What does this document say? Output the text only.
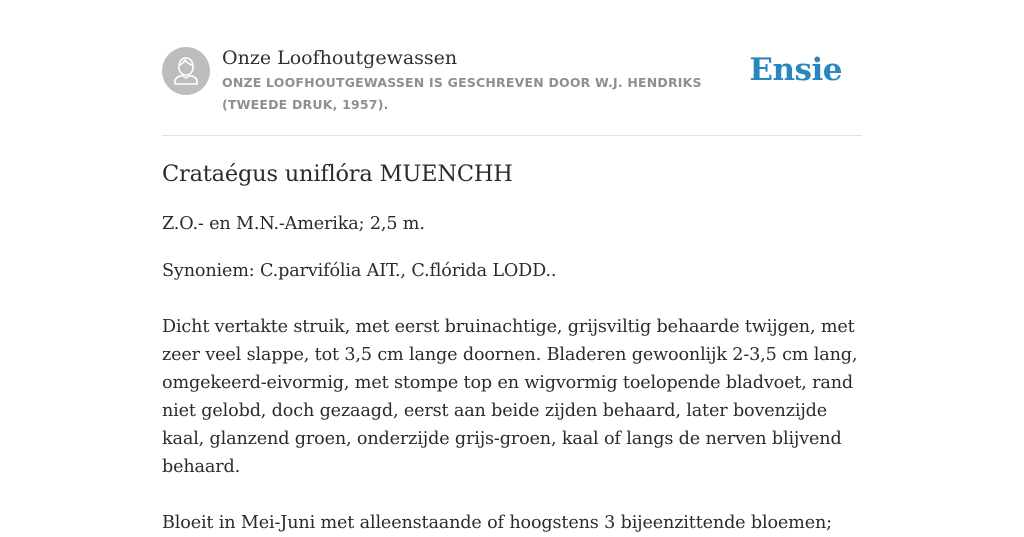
Onze Loofhoutgewassen
ONZE LOOFHOUTGEWASSEN IS GESCHREVEN DOOR W.J. HENDRIKS (TWEEDE DRUK, 1957).
Ensie
Crataégus uniflóra MUENCHH

Z.O.- en M.N.-Amerika; 2,5 m.

Synoniem: C.parvifólia AIT., C.flórida LODD..

Dicht vertakte struik, met eerst bruinachtige, grijsviltig behaarde twijgen, met zeer veel slappe, tot 3,5 cm lange doornen. Bladeren gewoonlijk 2-3,5 cm lang, omgekeerd-eivormig, met stompe top en wigvormig toelopende bladvoet, rand niet gelobd, doch gezaagd, eerst aan beide zijden behaard, later bovenzijde kaal, glanzend groen, onderzijde grijs-groen, kaal of langs de nerven blijvend behaard.

Bloeit in Mei-Juni met alleenstaande of hoogstens 3 bijeenzittende bloemen;
